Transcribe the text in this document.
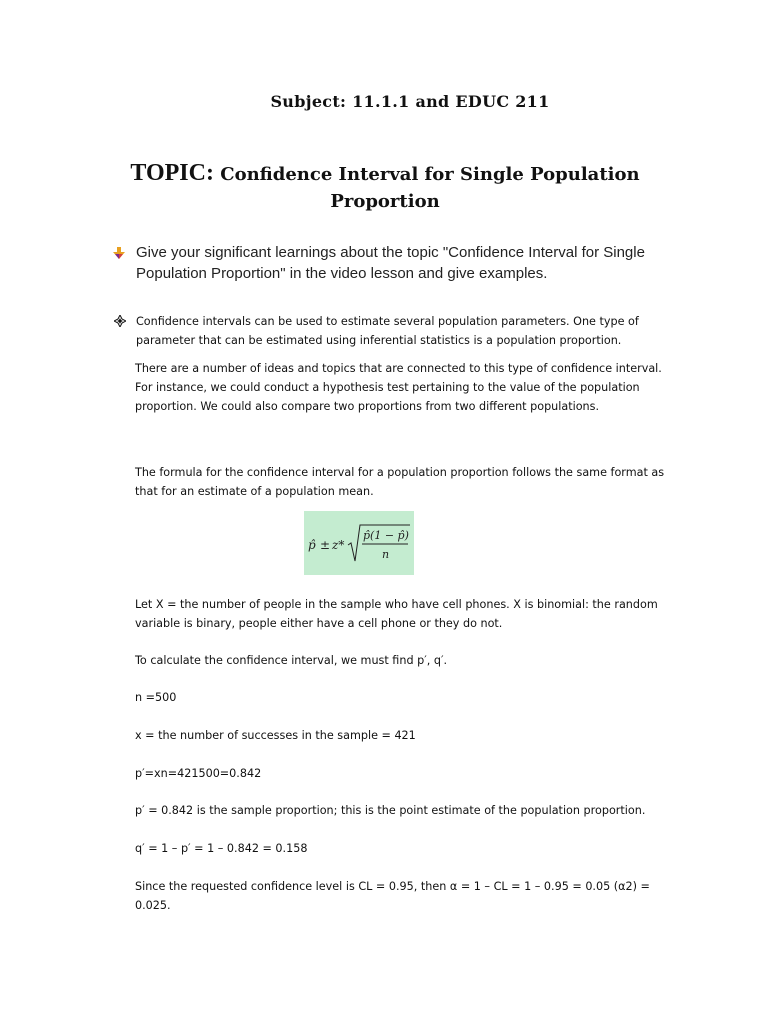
Subject: 11.1.1 and EDUC 211
TOPIC: Confidence Interval for Single Population Proportion
Give your significant learnings about the topic "Confidence Interval for Single Population Proportion" in the video lesson and give examples.
Confidence intervals can be used to estimate several population parameters. One type of parameter that can be estimated using inferential statistics is a population proportion.
There are a number of ideas and topics that are connected to this type of confidence interval. For instance, we could conduct a hypothesis test pertaining to the value of the population proportion. We could also compare two proportions from two different populations.
The formula for the confidence interval for a population proportion follows the same format as that for an estimate of a population mean.
p̂ ± z*
p̂(1 − p̂)
n
Let X = the number of people in the sample who have cell phones. X is binomial: the random variable is binary, people either have a cell phone or they do not.
To calculate the confidence interval, we must find p′, q′.
n =500
x = the number of successes in the sample = 421
p′=xn=421500=0.842
p′ = 0.842 is the sample proportion; this is the point estimate of the population proportion.
q′ = 1 – p′ = 1 – 0.842 = 0.158
Since the requested confidence level is CL = 0.95, then α = 1 – CL = 1 – 0.95 = 0.05 (α2) = 0.025.
